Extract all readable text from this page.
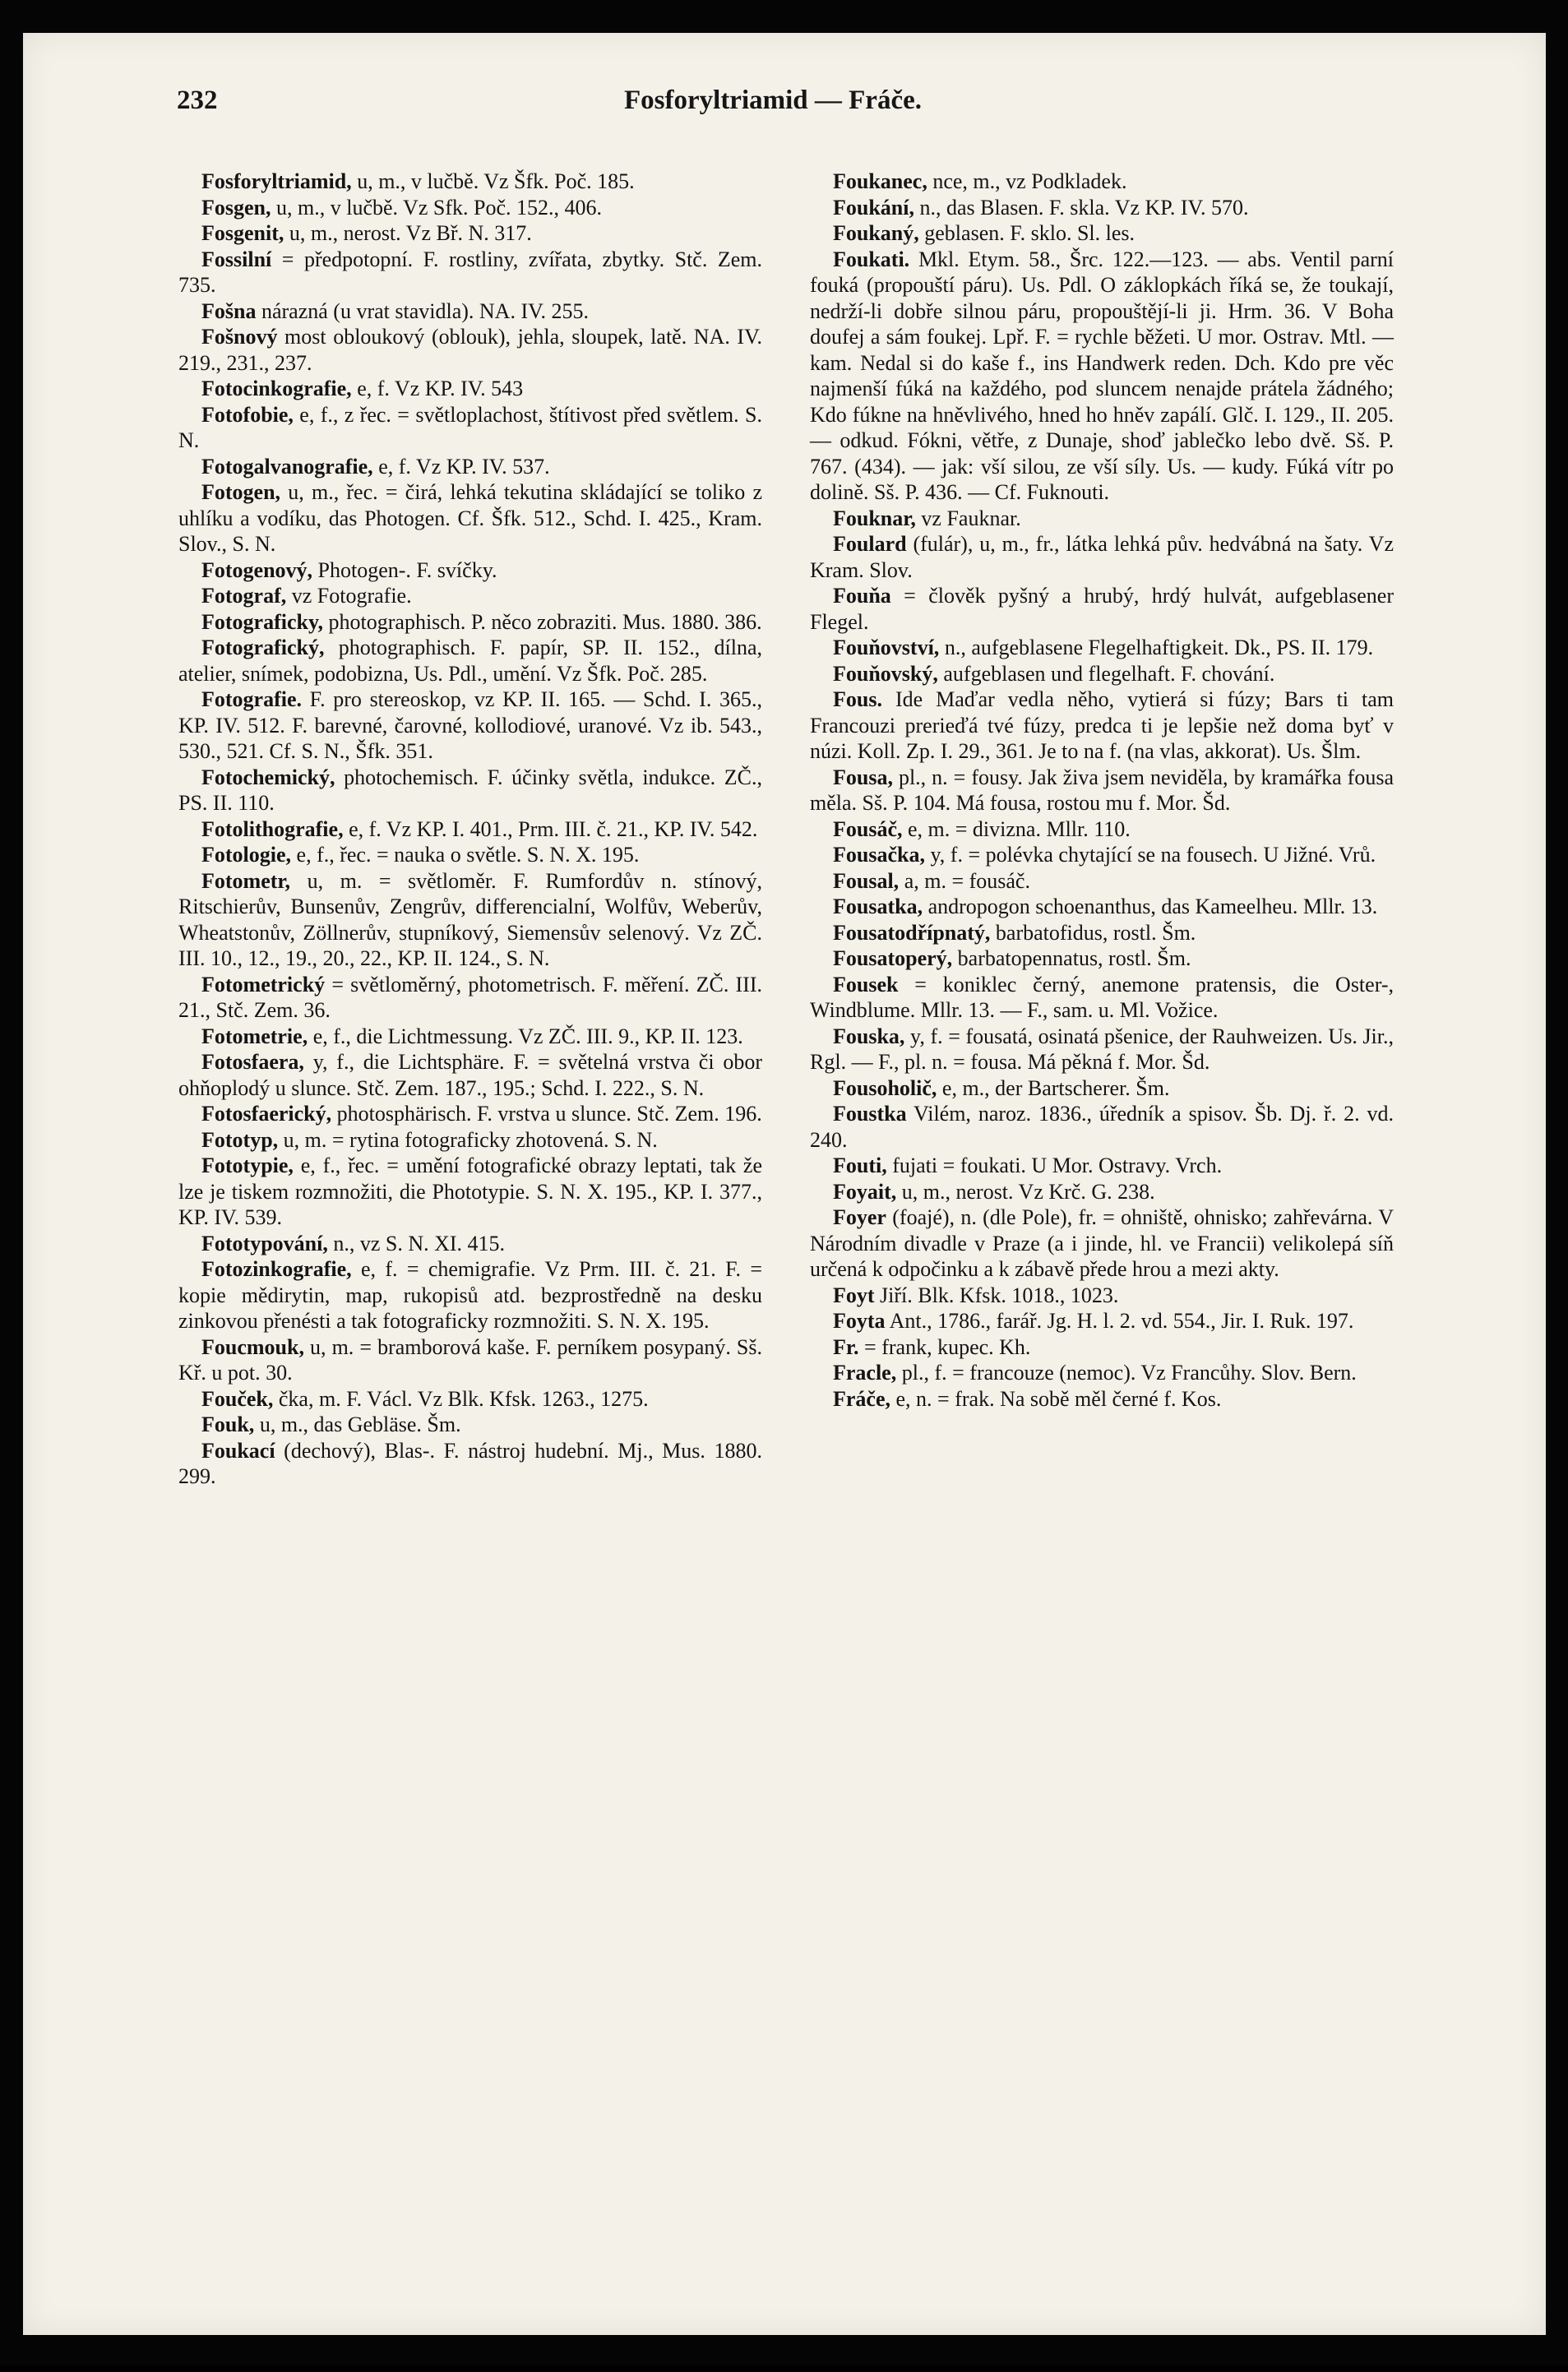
232	Fosforyltriamid — Fráče.

Fosforyltriamid, u, m., v lučbě. Vz Šfk. Poč. 185.

Fosgen, u, m., v lučbě. Vz Sfk. Poč. 152., 406.

Fosgenit, u, m., nerost. Vz Bř. N. 317.

Fossilní = předpotopní. F. rostliny, zvířata, zbytky. Stč. Zem. 735.

Fošna nárazná (u vrat stavidla). NA. IV. 255.

Fošnový most obloukový (oblouk), jehla, sloupek, latě. NA. IV. 219., 231., 237.

Fotocinkografie, e, f. Vz KP. IV. 543

Fotofobie, e, f., z řec. = světloplachost, štítivost před světlem. S. N.

Fotogalvanografie, e, f. Vz KP. IV. 537.

Fotogen, u, m., řec. = čirá, lehká tekutina skládající se toliko z uhlíku a vodíku, das Photogen. Cf. Šfk. 512., Schd. I. 425., Kram. Slov., S. N.

Fotogenový, Photogen-. F. svíčky.

Fotograf, vz Fotografie.

Fotograficky, photographisch. P. něco zobraziti. Mus. 1880. 386.

Fotografický, photographisch. F. papír, SP. II. 152., dílna, atelier, snímek, podobizna, Us. Pdl., umění. Vz Šfk. Poč. 285.

Fotografie. F. pro stereoskop, vz KP. II. 165. — Schd. I. 365., KP. IV. 512. F. barevné, čarovné, kollodiové, uranové. Vz ib. 543., 530., 521. Cf. S. N., Šfk. 351.

Fotochemický, photochemisch. F. účinky světla, indukce. ZČ., PS. II. 110.

Fotolithografie, e, f. Vz KP. I. 401., Prm. III. č. 21., KP. IV. 542.

Fotologie, e, f., řec. = nauka o světle. S. N. X. 195.

Fotometr, u, m. = světloměr. F. Rumfordův n. stínový, Ritschierův, Bunsenův, Zengrův, differencialní, Wolfův, Weberův, Wheatstonův, Zöllnerův, stupníkový, Siemensův selenový. Vz ZČ. III. 10., 12., 19., 20., 22., KP. II. 124., S. N.

Fotometrický = světloměrný, photometrisch. F. měření. ZČ. III. 21., Stč. Zem. 36.

Fotometrie, e, f., die Lichtmessung. Vz ZČ. III. 9., KP. II. 123.

Fotosfaera, y, f., die Lichtsphäre. F. = světelná vrstva či obor ohňoplodý u slunce. Stč. Zem. 187., 195.; Schd. I. 222., S. N.

Fotosfaerický, photosphärisch. F. vrstva u slunce. Stč. Zem. 196.

Fototyp, u, m. = rytina fotograficky zhotovená. S. N.

Fototypie, e, f., řec. = umění fotografické obrazy leptati, tak že lze je tiskem rozmnožiti, die Phototypie. S. N. X. 195., KP. I. 377., KP. IV. 539.

Fototypování, n., vz S. N. XI. 415.

Fotozinkografie, e, f. = chemigrafie. Vz Prm. III. č. 21. F. = kopie mědirytin, map, rukopisů atd. bezprostředně na desku zinkovou přenésti a tak fotograficky rozmnožiti. S. N. X. 195.

Foucmouk, u, m. = bramborová kaše. F. perníkem posypaný. Sš. Kř. u pot. 30.

Fouček, čka, m. F. Václ. Vz Blk. Kfsk. 1263., 1275.

Fouk, u, m., das Gebläse. Šm.

Foukací (dechový), Blas-. F. nástroj hudební. Mj., Mus. 1880. 299.

Foukanec, nce, m., vz Podkladek.

Foukání, n., das Blasen. F. skla. Vz KP. IV. 570.

Foukaný, geblasen. F. sklo. Sl. les.

Foukati. Mkl. Etym. 58., Šrc. 122.—123. — abs. Ventil parní fouká (propouští páru). Us. Pdl. O záklopkách říká se, že toukají, nedrží-li dobře silnou páru, propouštějí-li ji. Hrm. 36. V Boha doufej a sám foukej. Lpř. F. = rychle běžeti. U mor. Ostrav. Mtl. — kam. Nedal si do kaše f., ins Handwerk reden. Dch. Kdo pre věc najmenší fúká na každého, pod sluncem nenajde prátela žádného; Kdo fúkne na hněvlivého, hned ho hněv zapálí. Glč. I. 129., II. 205. — odkud. Fókni, větře, z Dunaje, shoď jablečko lebo dvě. Sš. P. 767. (434). — jak: vší silou, ze vší síly. Us. — kudy. Fúká vítr po dolině. Sš. P. 436. — Cf. Fuknouti.

Fouknar, vz Fauknar.

Foulard (fulár), u, m., fr., látka lehká pův. hedvábná na šaty. Vz Kram. Slov.

Fouňa = člověk pyšný a hrubý, hrdý hulvát, aufgeblasener Flegel.

Fouňovství, n., aufgeblasene Flegelhaftigkeit. Dk., PS. II. 179.

Fouňovský, aufgeblasen und flegelhaft. F. chování.

Fous. Ide Maďar vedla něho, vytierá si fúzy; Bars ti tam Francouzi prerieďá tvé fúzy, predca ti je lepšie než doma byť v núzi. Koll. Zp. I. 29., 361. Je to na f. (na vlas, akkorat). Us. Šlm.

Fousa, pl., n. = fousy. Jak živa jsem neviděla, by kramářka fousa měla. Sš. P. 104. Má fousa, rostou mu f. Mor. Šd.

Fousáč, e, m. = divizna. Mllr. 110.

Fousačka, y, f. = polévka chytající se na fousech. U Jižné. Vrů.

Fousal, a, m. = fousáč.

Fousatka, andropogon schoenanthus, das Kameelheu. Mllr. 13.

Fousatodřípnatý, barbatofidus, rostl. Šm.

Fousatoperý, barbatopennatus, rostl. Šm.

Fousek = koniklec černý, anemone pratensis, die Oster-, Windblume. Mllr. 13. — F., sam. u. Ml. Vožice.

Fouska, y, f. = fousatá, osinatá pšenice, der Rauhweizen. Us. Jir., Rgl. — F., pl. n. = fousa. Má pěkná f. Mor. Šd.

Fousoholič, e, m., der Bartscherer. Šm.

Foustka Vilém, naroz. 1836., úředník a spisov. Šb. Dj. ř. 2. vd. 240.

Fouti, fujati = foukati. U Mor. Ostravy. Vrch.

Foyait, u, m., nerost. Vz Krč. G. 238.

Foyer (foajé), n. (dle Pole), fr. = ohniště, ohnisko; zahřevárna. V Národním divadle v Praze (a i jinde, hl. ve Francii) velikolepá síň určená k odpočinku a k zábavě přede hrou a mezi akty.

Foyt Jiří. Blk. Kfsk. 1018., 1023.

Foyta Ant., 1786., farář. Jg. H. l. 2. vd. 554., Jir. I. Ruk. 197.

Fr. = frank, kupec. Kh.

Fracle, pl., f. = francouze (nemoc). Vz Francůhy. Slov. Bern.

Fráče, e, n. = frak. Na sobě měl černé f. Kos.
